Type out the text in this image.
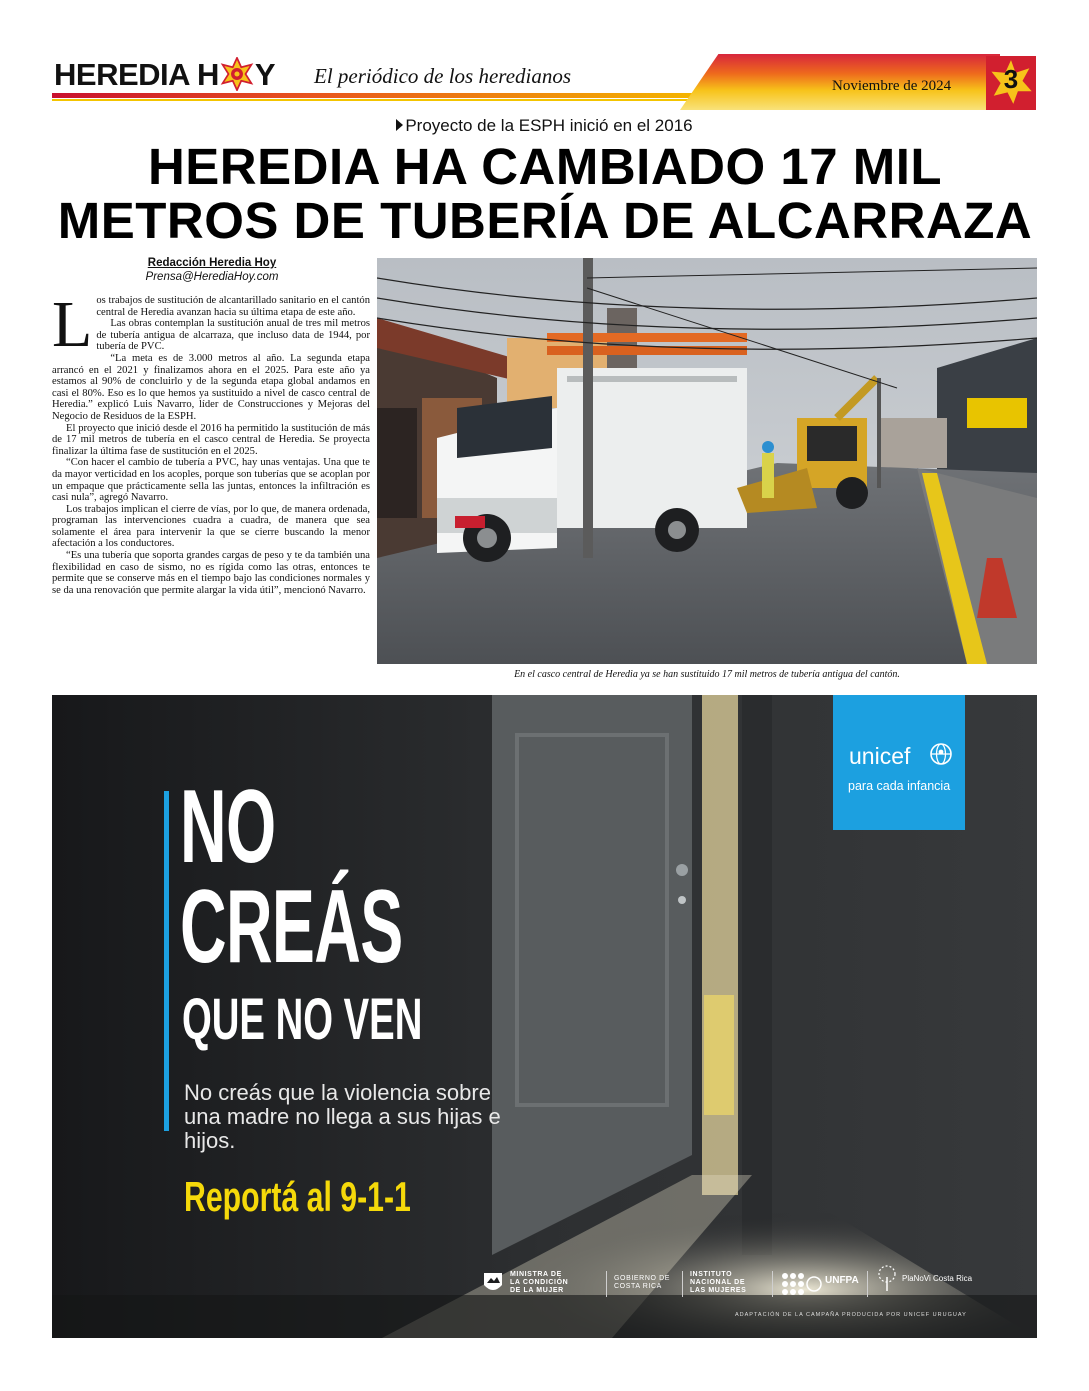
HEREDIA H Y El periódico de los heredianos	Noviembre de 2024	3
Proyecto de la ESPH inició en el 2016
HEREDIA HA CAMBIADO 17 MIL
METROS DE TUBERÍA DE ALCARRAZA
Redacción Heredia Hoy
Prensa@HerediaHoy.com

Los trabajos de sustitución de alcantarillado sanitario en el cantón central de Heredia avanzan hacia su última etapa de este año.

Las obras contemplan la sustitución anual de tres mil metros de tubería antigua de alcarraza, que incluso data de 1944, por tubería de PVC.

“La meta es de 3.000 metros al año. La segunda etapa arrancó en el 2021 y finalizamos ahora en el 2025. Para este año ya estamos al 90% de concluirlo y de la segunda etapa global andamos en casi el 80%. Eso es lo que hemos ya sustituido a nivel de casco central de Heredia.” explicó Luis Navarro, líder de Construcciones y Mejoras del Negocio de Residuos de la ESPH.

El proyecto que inició desde el 2016 ha permitido la sustitución de más de 17 mil metros de tubería en el casco central de Heredia. Se proyecta finalizar la última fase de sustitución en el 2025.

“Con hacer el cambio de tubería a PVC, hay unas ventajas. Una que te da mayor verticidad en los acoples, porque son tuberías que se acoplan por un empaque que prácticamente sella las juntas, entonces la infiltración es casi nula”, agregó Navarro.

Los trabajos implican el cierre de vías, por lo que, de manera ordenada, programan las intervenciones cuadra a cuadra, de manera que sea solamente el área para intervenir la que se cierre buscando la menor afectación a los conductores.

“Es una tubería que soporta grandes cargas de peso y te da también una flexibilidad en caso de sismo, no es rígida como las otras, entonces te permite que se conserve más en el tiempo bajo las condiciones normales y se da una renovación que permite alargar la vida útil”, mencionó Navarro.

En el casco central de Heredia ya se han sustituido 17 mil metros de tubería antigua del cantón.
NO
CREÁS
QUE NO VEN
No creás que la violencia sobre una madre no llega a sus hijas e hijos.
Reportá al 9-1-1
unicef
para cada infancia
MINISTRA DE
LA CONDICIÓN
DE LA MUJER
GOBIERNO DE
COSTA RICA
INSTITUTO
NACIONAL DE
LAS MUJERES
UNFPA	PlaNoVi Costa Rica
ADAPTACIÓN DE LA CAMPAÑA PRODUCIDA POR UNICEF URUGUAY
